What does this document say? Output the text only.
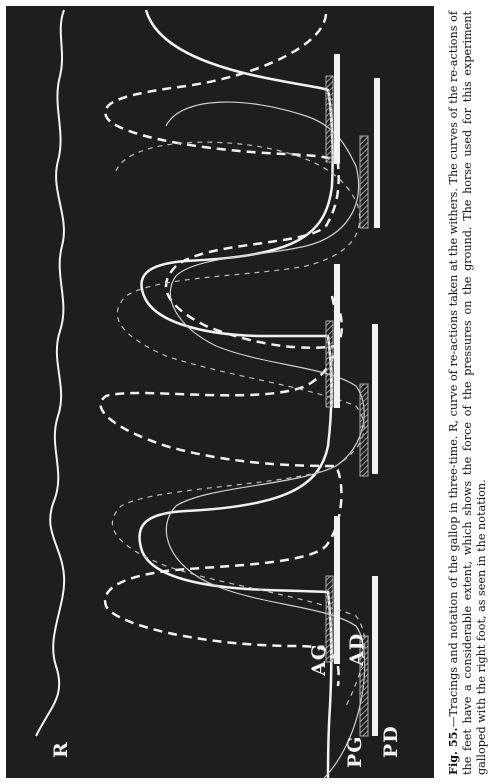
R
AG AD
PG PD	Fig. 55.—Tracings and notation of the gallop in three-time. R, curve of re-actions taken at the withers. The curves of the re-actions of the feet have a considerable extent, which shows the force of the pressures on the ground. The horse used for this experiment galloped with the right foot, as seen in the notation.
